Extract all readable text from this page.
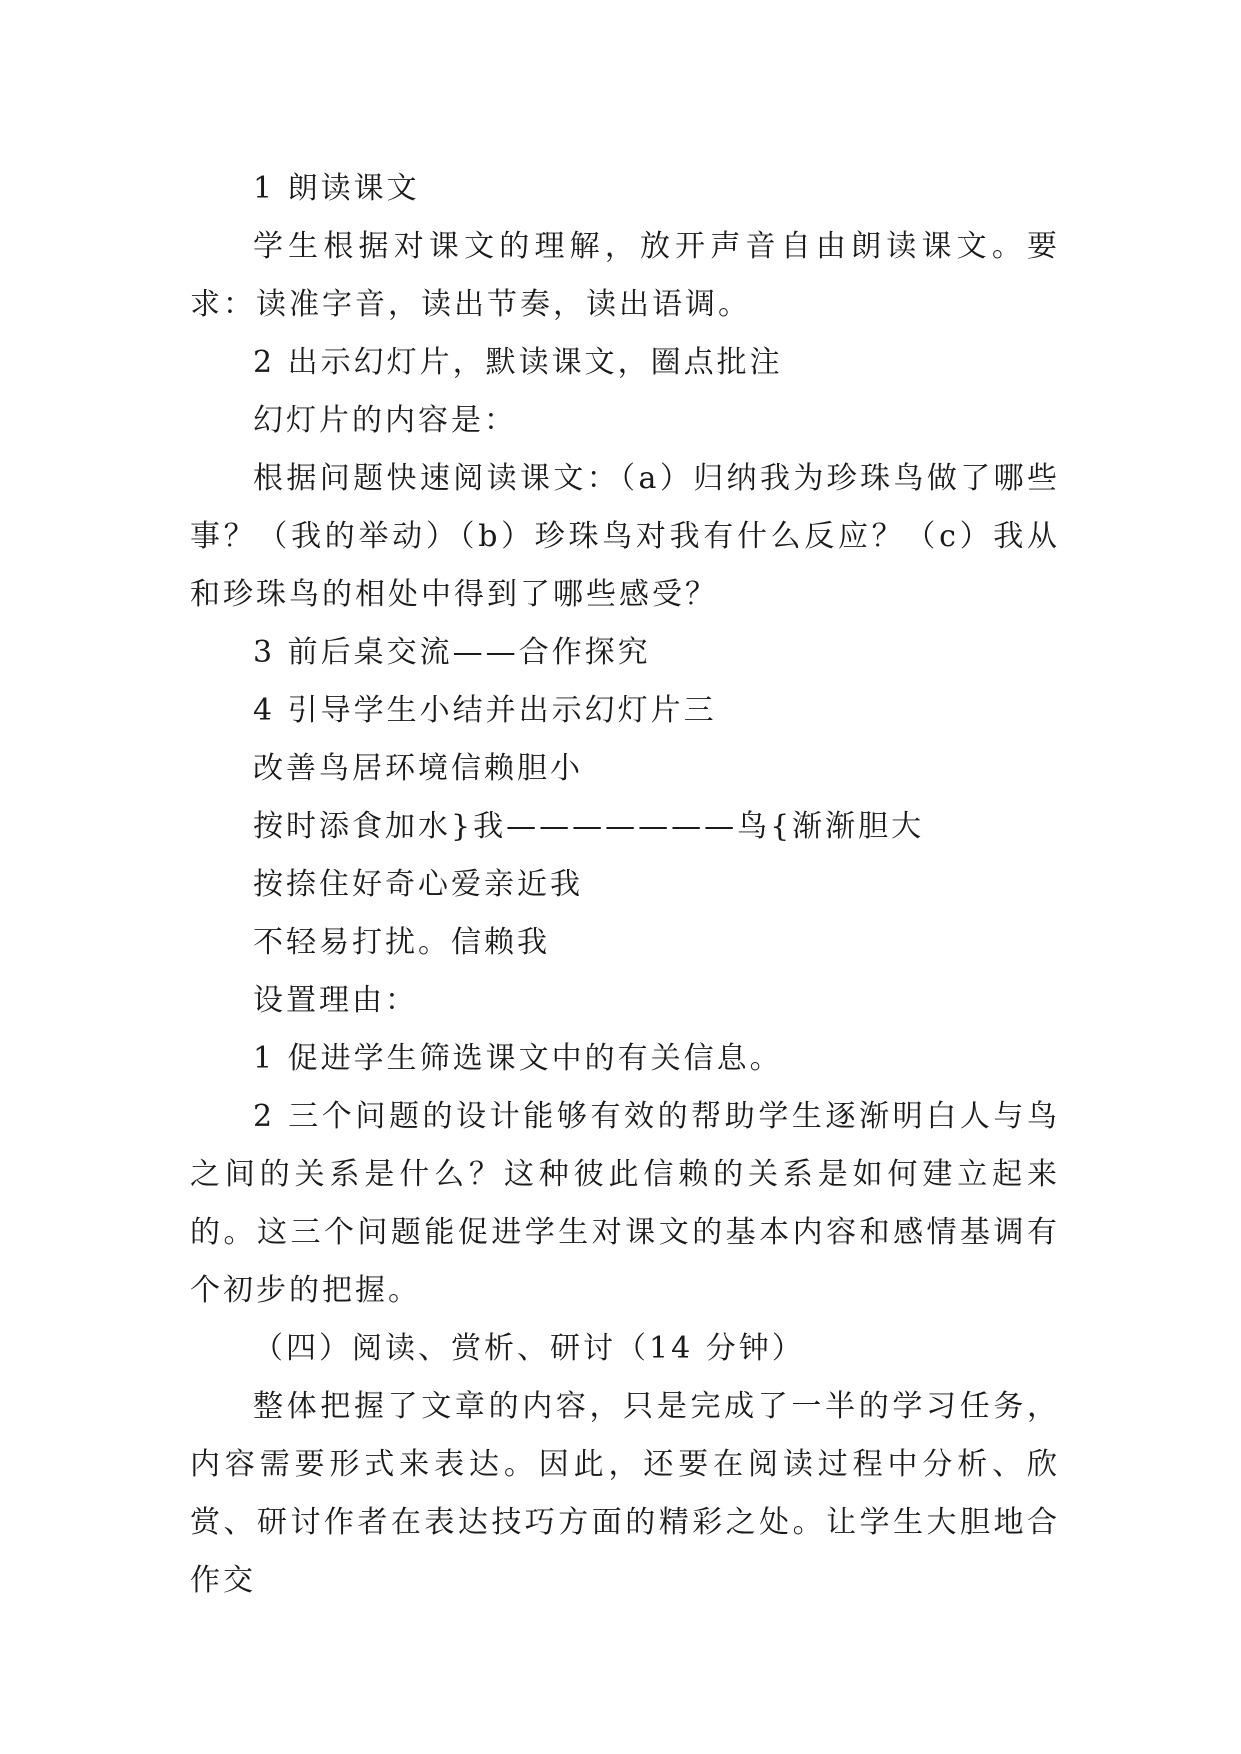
1 朗读课文

学生根据对课文的理解，放开声音自由朗读课文。要求：读准字音，读出节奏，读出语调。

2 出示幻灯片，默读课文，圈点批注

幻灯片的内容是：

根据问题快速阅读课文：（a）归纳我为珍珠鸟做了哪些事？（我的举动）（b）珍珠鸟对我有什么反应？（c）我从和珍珠鸟的相处中得到了哪些感受？

3 前后桌交流——合作探究

4 引导学生小结并出示幻灯片三

改善鸟居环境信赖胆小

按时添食加水}我———————鸟{渐渐胆大

按捺住好奇心爱亲近我

不轻易打扰。信赖我

设置理由：

1 促进学生筛选课文中的有关信息。

2 三个问题的设计能够有效的帮助学生逐渐明白人与鸟之间的关系是什么？这种彼此信赖的关系是如何建立起来的。这三个问题能促进学生对课文的基本内容和感情基调有个初步的把握。

（四）阅读、赏析、研讨（14 分钟）

整体把握了文章的内容，只是完成了一半的学习任务，内容需要形式来表达。因此，还要在阅读过程中分析、欣赏、研讨作者在表达技巧方面的精彩之处。让学生大胆地合作交
